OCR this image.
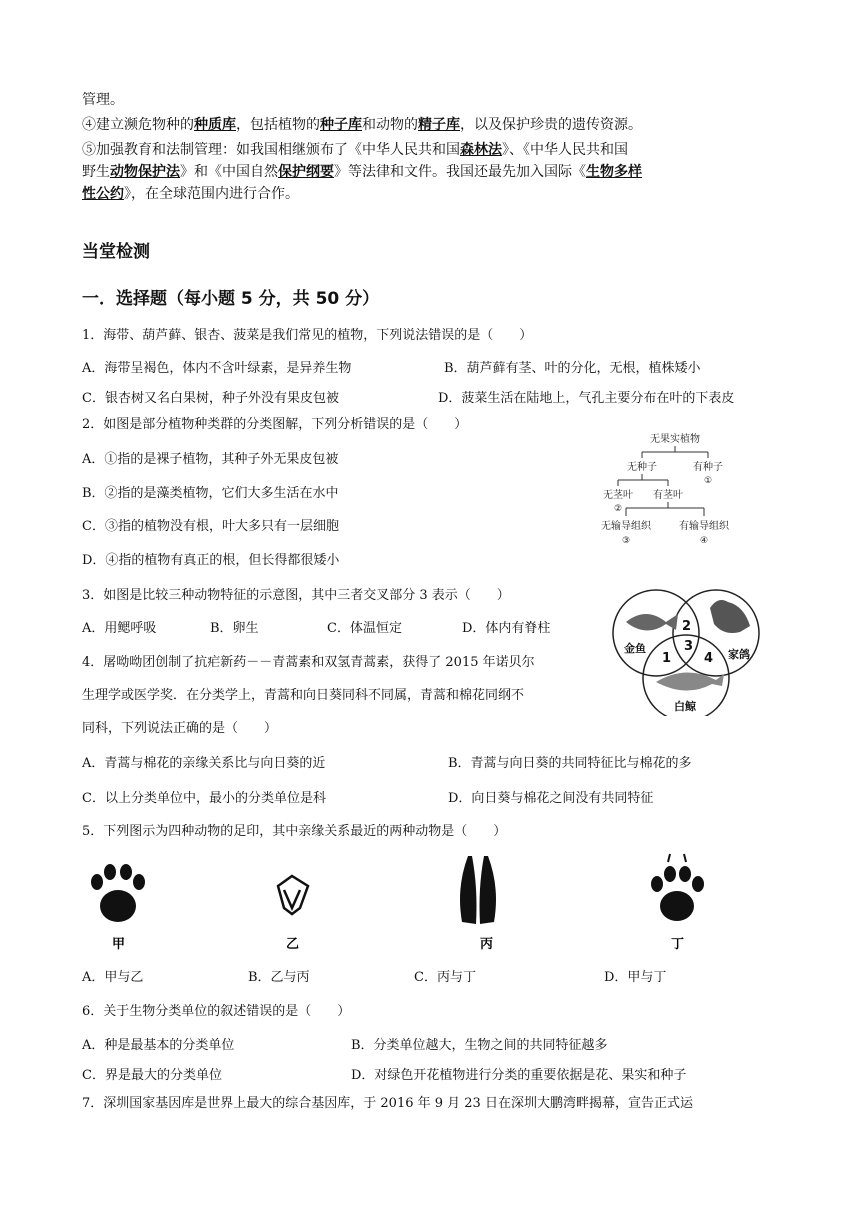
管理。
④建立濒危物种的种质库，包括植物的种子库和动物的精子库，以及保护珍贵的遗传资源。
⑤加强教育和法制管理：如我国相继颁布了《中华人民共和国森林法》、《中华人民共和国
野生动物保护法》和《中国自然保护纲要》等法律和文件。我国还最先加入国际《生物多样
性公约》，在全球范围内进行合作。
当堂检测
一．选择题（每小题 5 分，共 50 分）
1．海带、葫芦藓、银杏、菠菜是我们常见的植物，下列说法错误的是（　　）
A．海带呈褐色，体内不含叶绿素，是异养生物	B．葫芦藓有茎、叶的分化，无根，植株矮小
C．银杏树又名白果树，种子外没有果皮包被	D．菠菜生活在陆地上，气孔主要分布在叶的下表皮
2．如图是部分植物种类群的分类图解，下列分析错误的是（　　）
A．①指的是裸子植物，其种子外无果皮包被
B．②指的是藻类植物，它们大多生活在水中
C．③指的植物没有根，叶大多只有一层细胞
D．④指的植物有真正的根，但长得都很矮小
无果实植物
无种子	有种子
①
无茎叶 有茎叶
②
无输导组织	有输导组织
③	④
3．如图是比较三种动物特征的示意图，其中三者交叉部分 3 表示（　　）
A．用鳃呼吸	B．卵生	C．体温恒定	D．体内有脊柱
金鱼	家鸽
白鲸
2
3
1	4
4．屠呦呦团创制了抗疟新药－－青蒿素和双氢青蒿素，获得了 2015 年诺贝尔
生理学或医学奖．在分类学上，青蒿和向日葵同科不同属，青蒿和棉花同纲不
同科，下列说法正确的是（　　）
A．青蒿与棉花的亲缘关系比与向日葵的近	B．青蒿与向日葵的共同特征比与棉花的多
C．以上分类单位中，最小的分类单位是科	D．向日葵与棉花之间没有共同特征
5．下列图示为四种动物的足印，其中亲缘关系最近的两种动物是（　　）
甲	乙	丙	丁
A．甲与乙	B．乙与丙	C．丙与丁	D．甲与丁
6．关于生物分类单位的叙述错误的是（　　）
A．种是最基本的分类单位	B．分类单位越大，生物之间的共同特征越多
C．界是最大的分类单位	D．对绿色开花植物进行分类的重要依据是花、果实和种子
7．深圳国家基因库是世界上最大的综合基因库，于 2016 年 9 月 23 日在深圳大鹏湾畔揭幕，宣告正式运
